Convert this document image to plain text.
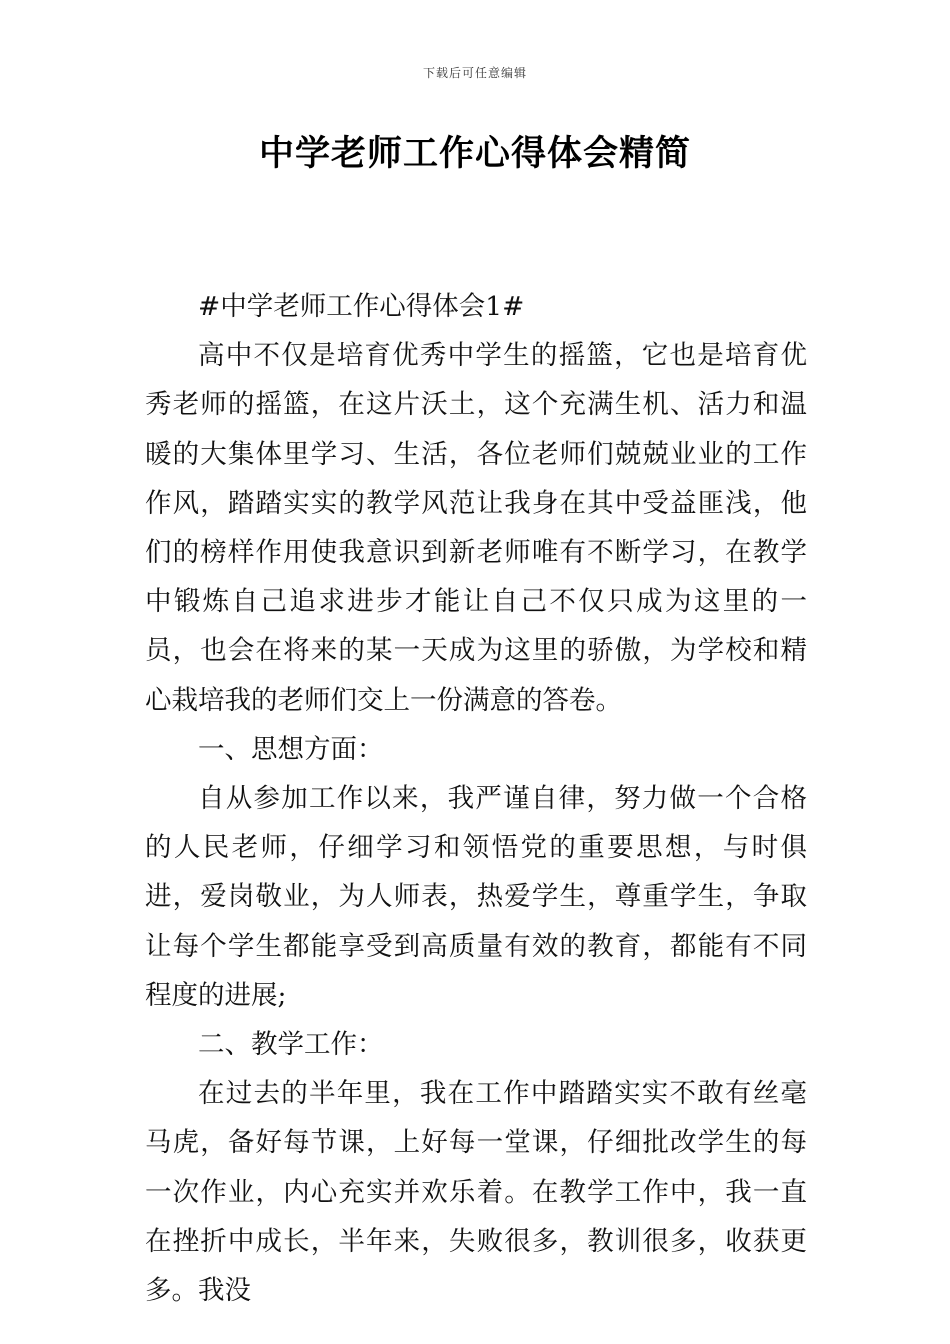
下载后可任意编辑
中学老师工作心得体会精简

#中学老师工作心得体会1#

高中不仅是培育优秀中学生的摇篮，它也是培育优秀老师的摇篮，在这片沃土，这个充满生机、活力和温暖的大集体里学习、生活，各位老师们兢兢业业的工作作风，踏踏实实的教学风范让我身在其中受益匪浅，他们的榜样作用使我意识到新老师唯有不断学习，在教学中锻炼自己追求进步才能让自己不仅只成为这里的一员，也会在将来的某一天成为这里的骄傲，为学校和精心栽培我的老师们交上一份满意的答卷。

一、思想方面：

自从参加工作以来，我严谨自律，努力做一个合格的人民老师，仔细学习和领悟党的重要思想，与时俱进，爱岗敬业，为人师表，热爱学生，尊重学生，争取让每个学生都能享受到高质量有效的教育，都能有不同程度的进展;

二、教学工作：

在过去的半年里，我在工作中踏踏实实不敢有丝毫马虎，备好每节课，上好每一堂课，仔细批改学生的每一次作业，内心充实并欢乐着。在教学工作中，我一直在挫折中成长，半年来，失败很多，教训很多，收获更多。我没
